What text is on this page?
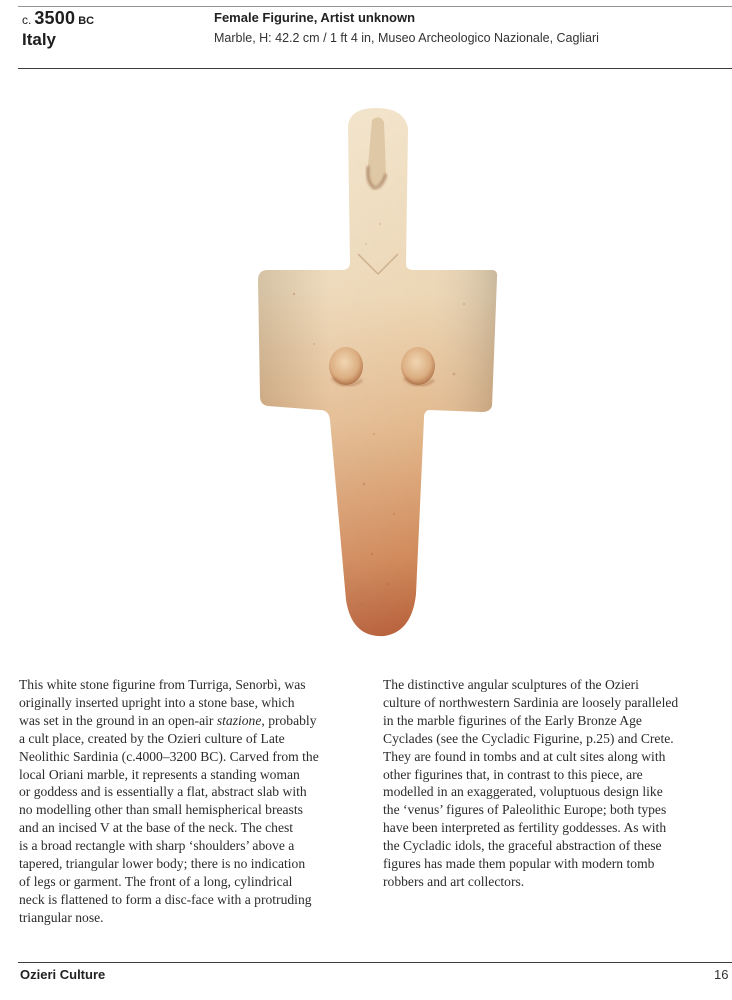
c. 3500 BC
Italy
Female Figurine, Artist unknown
Marble, H: 42.2 cm / 1 ft 4 in, Museo Archeologico Nazionale, Cagliari
This white stone figurine from Turriga, Senorbì, was
originally inserted upright into a stone base, which
was set in the ground in an open-air stazione, probably
a cult place, created by the Ozieri culture of Late
Neolithic Sardinia (c.4000–3200 BC). Carved from the
local Oriani marble, it represents a standing woman
or goddess and is essentially a flat, abstract slab with
no modelling other than small hemispherical breasts
and an incised V at the base of the neck. The chest
is a broad rectangle with sharp ‘shoulders’ above a
tapered, triangular lower body; there is no indication
of legs or garment. The front of a long, cylindrical
neck is flattened to form a disc-face with a protruding
triangular nose.
The distinctive angular sculptures of the Ozieri
culture of northwestern Sardinia are loosely paralleled
in the marble figurines of the Early Bronze Age
Cyclades (see the Cycladic Figurine, p.25) and Crete.
They are found in tombs and at cult sites along with
other figurines that, in contrast to this piece, are
modelled in an exaggerated, voluptuous design like
the ‘venus’ figures of Paleolithic Europe; both types
have been interpreted as fertility goddesses. As with
the Cycladic idols, the graceful abstraction of these
figures has made them popular with modern tomb
robbers and art collectors.
Ozieri Culture	16
